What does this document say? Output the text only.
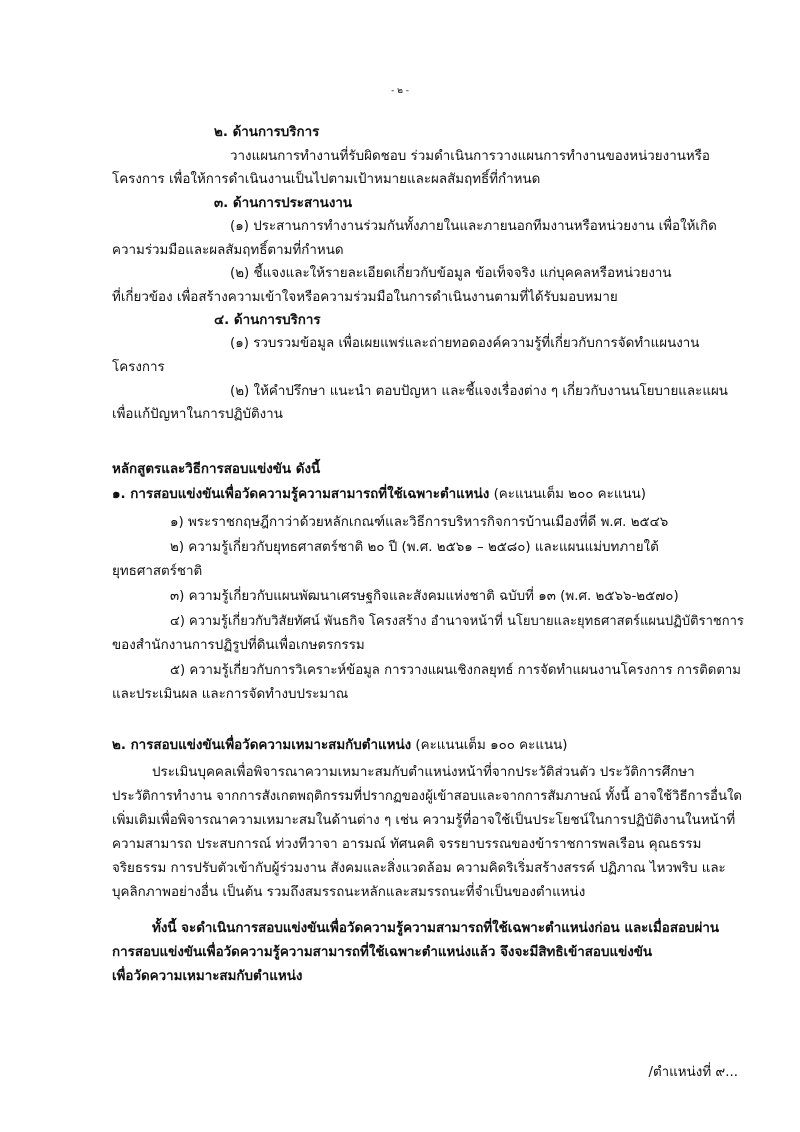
- ๒ -
๒. ด้านการบริการ
วางแผนการทำงานที่รับผิดชอบ ร่วมดำเนินการวางแผนการทำงานของหน่วยงานหรือ
โครงการ เพื่อให้การดำเนินงานเป็นไปตามเป้าหมายและผลสัมฤทธิ์ที่กำหนด
๓. ด้านการประสานงาน
(๑) ประสานการทำงานร่วมกันทั้งภายในและภายนอกทีมงานหรือหน่วยงาน เพื่อให้เกิด
ความร่วมมือและผลสัมฤทธิ์ตามที่กำหนด
(๒) ชี้แจงและให้รายละเอียดเกี่ยวกับข้อมูล ข้อเท็จจริง แก่บุคคลหรือหน่วยงาน
ที่เกี่ยวข้อง เพื่อสร้างความเข้าใจหรือความร่วมมือในการดำเนินงานตามที่ได้รับมอบหมาย
๔. ด้านการบริการ
(๑) รวบรวมข้อมูล เพื่อเผยแพร่และถ่ายทอดองค์ความรู้ที่เกี่ยวกับการจัดทำแผนงาน
โครงการ
(๒) ให้คำปรึกษา แนะนำ ตอบปัญหา และชี้แจงเรื่องต่าง ๆ เกี่ยวกับงานนโยบายและแผน
เพื่อแก้ปัญหาในการปฏิบัติงาน
หลักสูตรและวิธีการสอบแข่งขัน ดังนี้
๑. การสอบแข่งขันเพื่อวัดความรู้ความสามารถที่ใช้เฉพาะตำแหน่ง (คะแนนเต็ม ๒๐๐ คะแนน)
๑) พระราชกฤษฎีกาว่าด้วยหลักเกณฑ์และวิธีการบริหารกิจการบ้านเมืองที่ดี พ.ศ. ๒๕๔๖
๒) ความรู้เกี่ยวกับยุทธศาสตร์ชาติ ๒๐ ปี (พ.ศ. ๒๕๖๑ – ๒๕๘๐) และแผนแม่บทภายใต้
ยุทธศาสตร์ชาติ
๓) ความรู้เกี่ยวกับแผนพัฒนาเศรษฐกิจและสังคมแห่งชาติ ฉบับที่ ๑๓ (พ.ศ. ๒๕๖๖-๒๕๗๐)
๔) ความรู้เกี่ยวกับวิสัยทัศน์ พันธกิจ โครงสร้าง อำนาจหน้าที่ นโยบายและยุทธศาสตร์แผนปฏิบัติราชการ
ของสำนักงานการปฏิรูปที่ดินเพื่อเกษตรกรรม
๕) ความรู้เกี่ยวกับการวิเคราะห์ข้อมูล การวางแผนเชิงกลยุทธ์ การจัดทำแผนงานโครงการ การติดตาม
และประเมินผล และการจัดทำงบประมาณ
๒. การสอบแข่งขันเพื่อวัดความเหมาะสมกับตำแหน่ง (คะแนนเต็ม ๑๐๐ คะแนน)
ประเมินบุคคลเพื่อพิจารณาความเหมาะสมกับตำแหน่งหน้าที่จากประวัติส่วนตัว ประวัติการศึกษา
ประวัติการทำงาน จากการสังเกตพฤติกรรมที่ปรากฏของผู้เข้าสอบและจากการสัมภาษณ์ ทั้งนี้ อาจใช้วิธีการอื่นใด
เพิ่มเติมเพื่อพิจารณาความเหมาะสมในด้านต่าง ๆ เช่น ความรู้ที่อาจใช้เป็นประโยชน์ในการปฏิบัติงานในหน้าที่
ความสามารถ ประสบการณ์ ท่วงทีวาจา อารมณ์ ทัศนคติ จรรยาบรรณของข้าราชการพลเรือน คุณธรรม
จริยธรรม การปรับตัวเข้ากับผู้ร่วมงาน สังคมและสิ่งแวดล้อม ความคิดริเริ่มสร้างสรรค์ ปฏิภาณ ไหวพริบ และ
บุคลิกภาพอย่างอื่น เป็นต้น รวมถึงสมรรถนะหลักและสมรรถนะที่จำเป็นของตำแหน่ง
ทั้งนี้ จะดำเนินการสอบแข่งขันเพื่อวัดความรู้ความสามารถที่ใช้เฉพาะตำแหน่งก่อน และเมื่อสอบผ่าน
การสอบแข่งขันเพื่อวัดความรู้ความสามารถที่ใช้เฉพาะตำแหน่งแล้ว จึงจะมีสิทธิเข้าสอบแข่งขัน
เพื่อวัดความเหมาะสมกับตำแหน่ง
/ตำแหน่งที่ ๙...
